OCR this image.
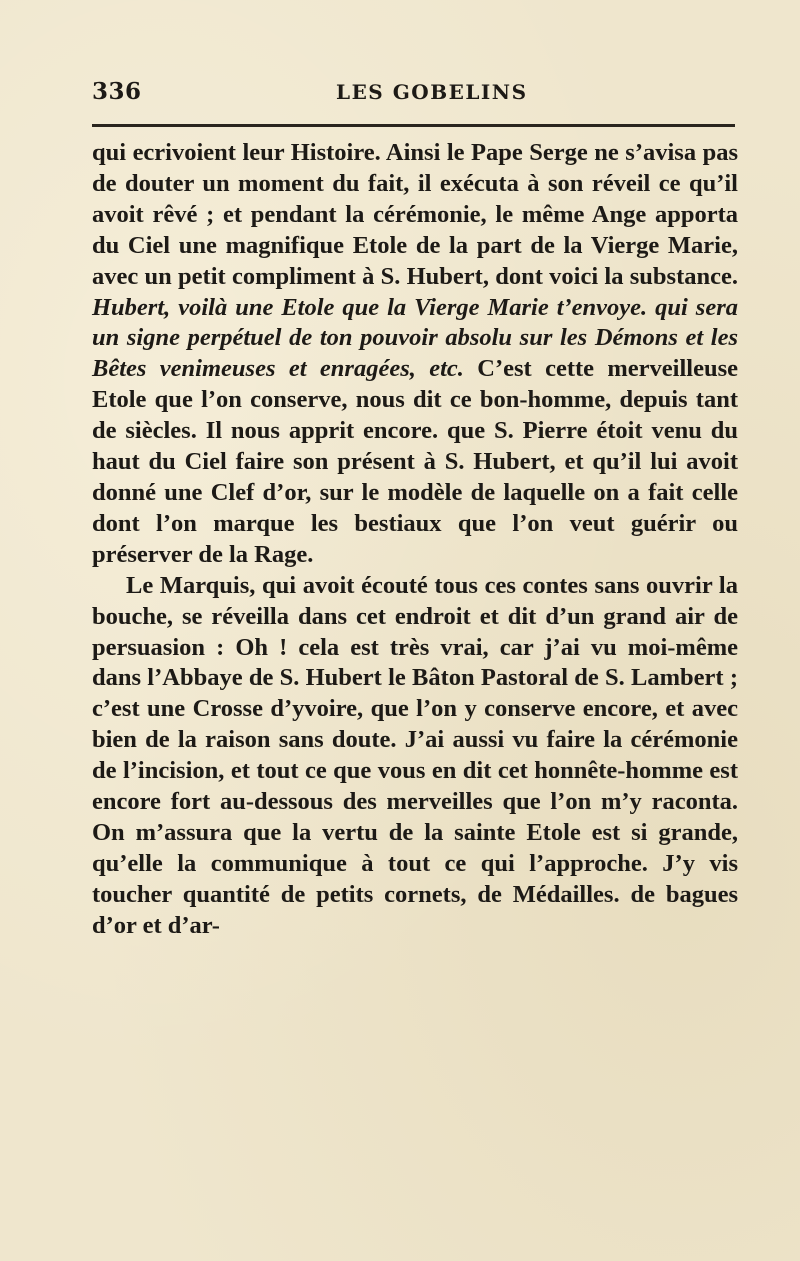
336	LES GOBELINS

qui ecrivoient leur Histoire. Ainsi le Pape Serge ne s’avisa pas de douter un moment du fait, il exécuta à son réveil ce qu’il avoit rêvé ; et pendant la cérémonie, le même Ange apporta du Ciel une magnifique Etole de la part de la Vierge Marie, avec un petit compliment à S. Hubert, dont voici la substance. Hubert, voilà une Etole que la Vierge Marie t’envoye. qui sera un signe perpétuel de ton pouvoir absolu sur les Démons et les Bêtes venimeuses et enragées, etc. C’est cette merveilleuse Etole que l’on conserve, nous dit ce bon-homme, depuis tant de siècles. Il nous apprit encore. que S. Pierre étoit venu du haut du Ciel faire son présent à S. Hubert, et qu’il lui avoit donné une Clef d’or, sur le modèle de laquelle on a fait celle dont l’on marque les bestiaux que l’on veut guérir ou préserver de la Rage.

Le Marquis, qui avoit écouté tous ces contes sans ouvrir la bouche, se réveilla dans cet endroit et dit d’un grand air de persuasion : Oh ! cela est très vrai, car j’ai vu moi-même dans l’Abbaye de S. Hubert le Bâton Pastoral de S. Lambert ; c’est une Crosse d’yvoire, que l’on y conserve encore, et avec bien de la raison sans doute. J’ai aussi vu faire la cérémonie de l’incision, et tout ce que vous en dit cet honnête-homme est encore fort au-dessous des merveilles que l’on m’y raconta. On m’assura que la vertu de la sainte Etole est si grande, qu’elle la communique à tout ce qui l’approche. J’y vis toucher quantité de petits cornets, de Médailles. de bagues d’or et d’ar-
